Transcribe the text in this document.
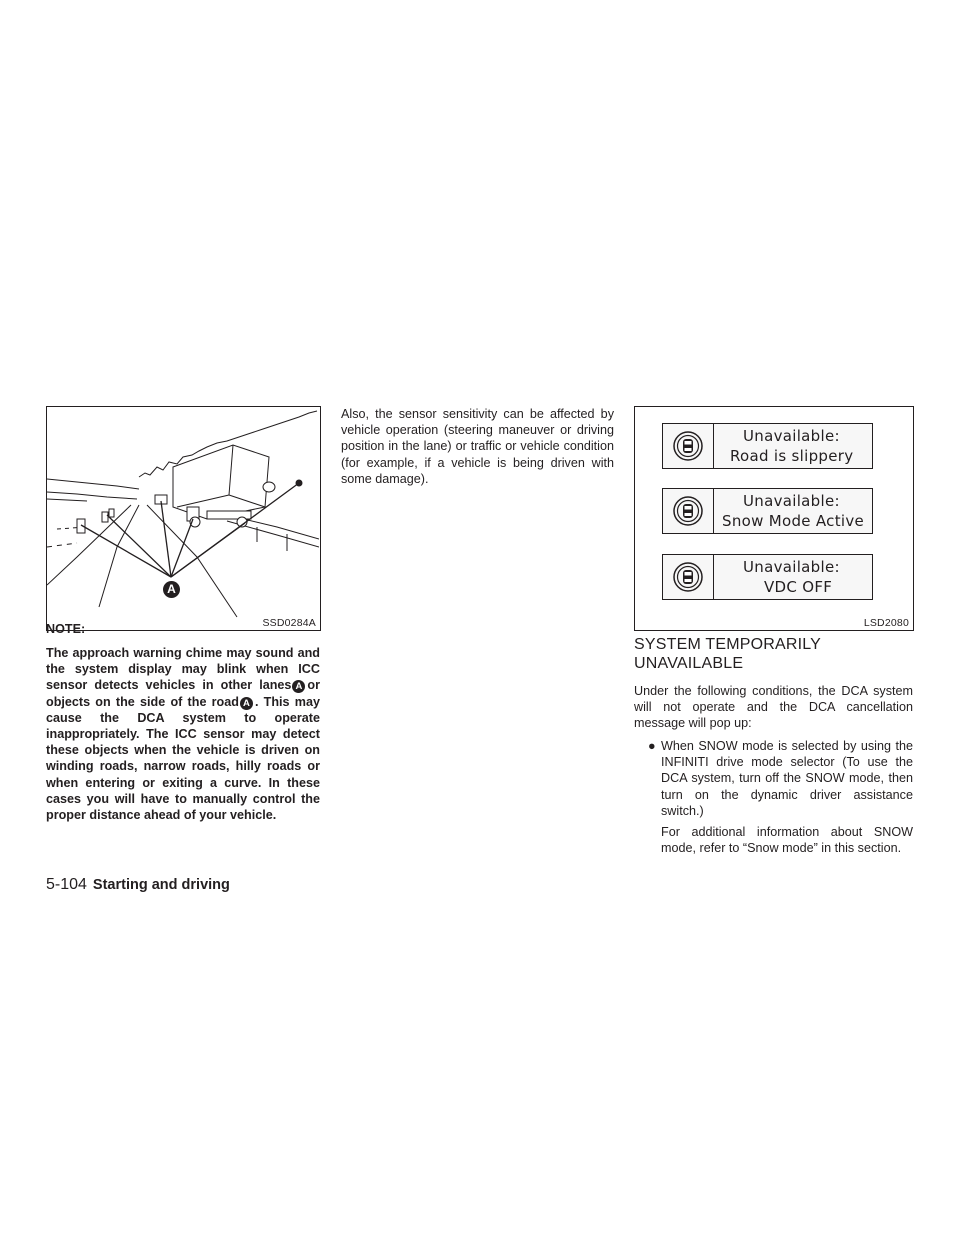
A
SSD0284A
NOTE:
The approach warning chime may sound and the system display may blink when ICC sensor detects vehicles in other lanes A or objects on the side of the road A . This may cause the DCA system to operate inappropriately. The ICC sensor may detect these objects when the vehicle is driven on winding roads, narrow roads, hilly roads or when entering or exiting a curve. In these cases you will have to manually control the proper distance ahead of your vehicle.
Also, the sensor sensitivity can be affected by vehicle operation (steering maneuver or driving position in the lane) or traffic or vehicle condition (for example, if a vehicle is being driven with some damage).
Unavailable:
Road is slippery
Unavailable:
Snow Mode Active
Unavailable:
VDC OFF
LSD2080
SYSTEM TEMPORARILY
UNAVAILABLE
Under the following conditions, the DCA system will not operate and the DCA cancellation message will pop up:
● When SNOW mode is selected by using the INFINITI drive mode selector (To use the DCA system, turn off the SNOW mode, then turn on the dynamic driver assistance switch.)
For additional information about SNOW mode, refer to “Snow mode” in this section.
5-104 Starting and driving
